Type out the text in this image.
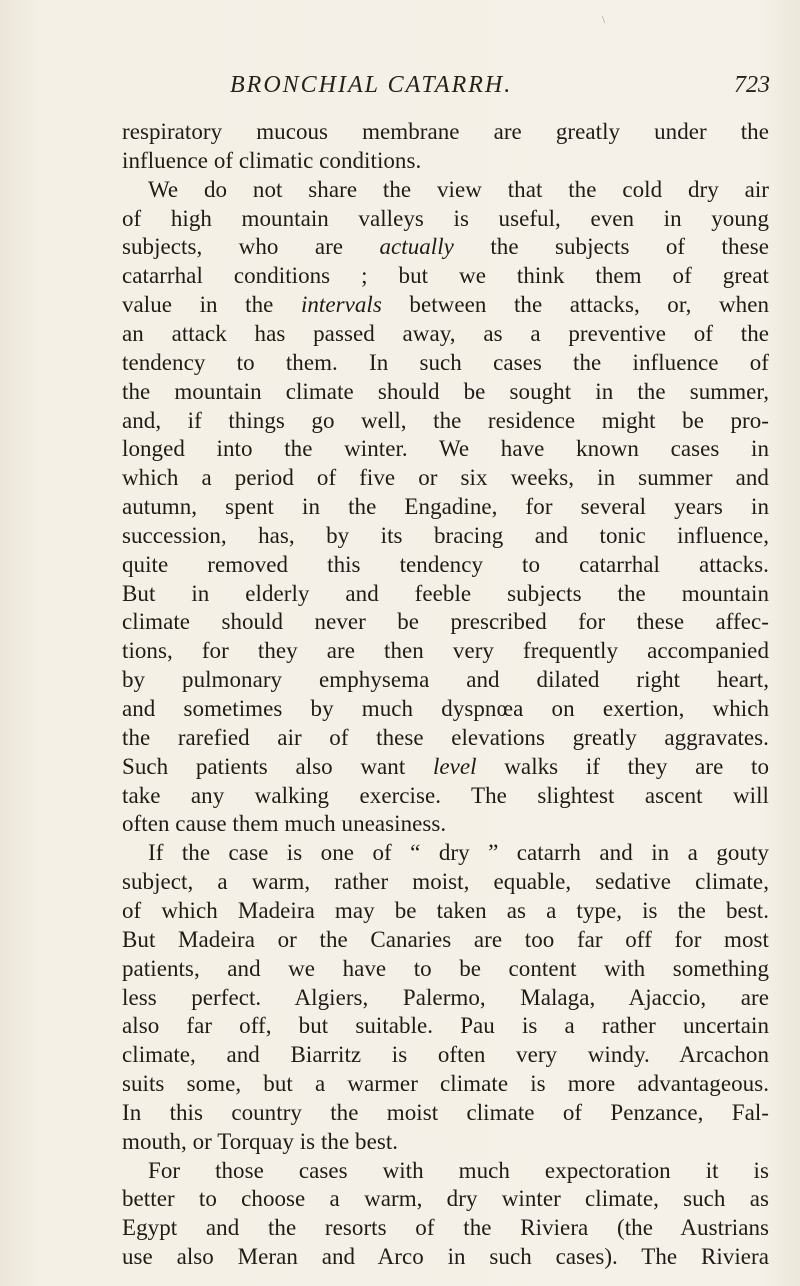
\
BRONCHIAL CATARRH.	723
respiratory mucous membrane are greatly under the
influence of climatic conditions.
We do not share the view that the cold dry air
of high mountain valleys is useful, even in young
subjects, who are actually the subjects of these
catarrhal conditions ; but we think them of great
value in the intervals between the attacks, or, when
an attack has passed away, as a preventive of the
tendency to them. In such cases the influence of
the mountain climate should be sought in the summer,
and, if things go well, the residence might be pro-
longed into the winter. We have known cases in
which a period of five or six weeks, in summer and
autumn, spent in the Engadine, for several years in
succession, has, by its bracing and tonic influence,
quite removed this tendency to catarrhal attacks.
But in elderly and feeble subjects the mountain
climate should never be prescribed for these affec-
tions, for they are then very frequently accompanied
by pulmonary emphysema and dilated right heart,
and sometimes by much dyspnœa on exertion, which
the rarefied air of these elevations greatly aggravates.
Such patients also want level walks if they are to
take any walking exercise. The slightest ascent will
often cause them much uneasiness.
If the case is one of “ dry ” catarrh and in a gouty
subject, a warm, rather moist, equable, sedative climate,
of which Madeira may be taken as a type, is the best.
But Madeira or the Canaries are too far off for most
patients, and we have to be content with something
less perfect. Algiers, Palermo, Malaga, Ajaccio, are
also far off, but suitable. Pau is a rather uncertain
climate, and Biarritz is often very windy. Arcachon
suits some, but a warmer climate is more advantageous.
In this country the moist climate of Penzance, Fal-
mouth, or Torquay is the best.
For those cases with much expectoration it is
better to choose a warm, dry winter climate, such as
Egypt and the resorts of the Riviera (the Austrians
use also Meran and Arco in such cases). The Riviera
